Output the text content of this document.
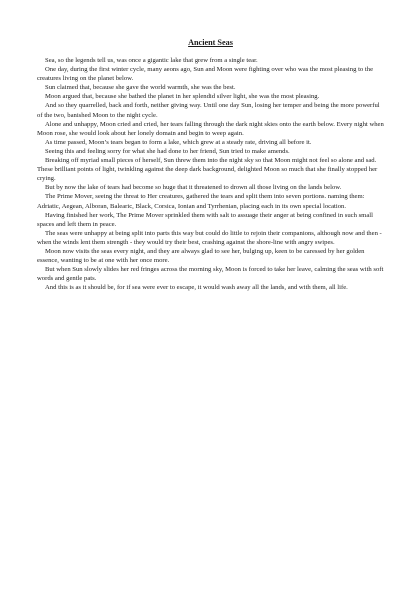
Ancient Seas

Sea, so the legends tell us, was once a gigantic lake that grew from a single tear.

One day, during the first winter cycle, many aeons ago, Sun and Moon were fighting over who was the most pleasing to the creatures living on the planet below.

Sun claimed that, because she gave the world warmth, she was the best.

Moon argued that, because she bathed the planet in her splendid silver light, she was the most pleasing.

And so they quarrelled, back and forth, neither giving way. Until one day Sun, losing her temper and being the more powerful of the two, banished Moon to the night cycle.

Alone and unhappy, Moon cried and cried, her tears falling through the dark night skies onto the earth below. Every night when Moon rose, she would look about her lonely domain and begin to weep again.

As time passed, Moon’s tears began to form a lake, which grew at a steady rate, driving all before it.

Seeing this and feeling sorry for what she had done to her friend, Sun tried to make amends.

Breaking off myriad small pieces of herself, Sun threw them into the night sky so that Moon might not feel so alone and sad. These brilliant points of light, twinkling against the deep dark background, delighted Moon so much that she finally stopped her crying.

But by now the lake of tears had become so huge that it threatened to drown all those living on the lands below.

The Prime Mover, seeing the threat to Her creatures, gathered the tears and split them into seven portions. naming them: Adriatic, Aegean, Alboran, Balearic, Black, Corsica, Ionian and Tyrrhenian, placing each in its own special location.

Having finished her work, The Prime Mover sprinkled them with salt to assuage their anger at being confined in such small spaces and left them in peace.

The seas were unhappy at being split into parts this way but could do little to rejoin their companions, although now and then - when the winds lent them strength - they would try their best, crashing against the shore-line with angry swipes.

Moon now visits the seas every night, and they are always glad to see her, bulging up, keen to be caressed by her golden essence, wanting to be at one with her once more.

But when Sun slowly slides her red fringes across the morning sky, Moon is forced to take her leave, calming the seas with soft words and gentle pats.

And this is as it should be, for if sea were ever to escape, it would wash away all the lands, and with them, all life.
